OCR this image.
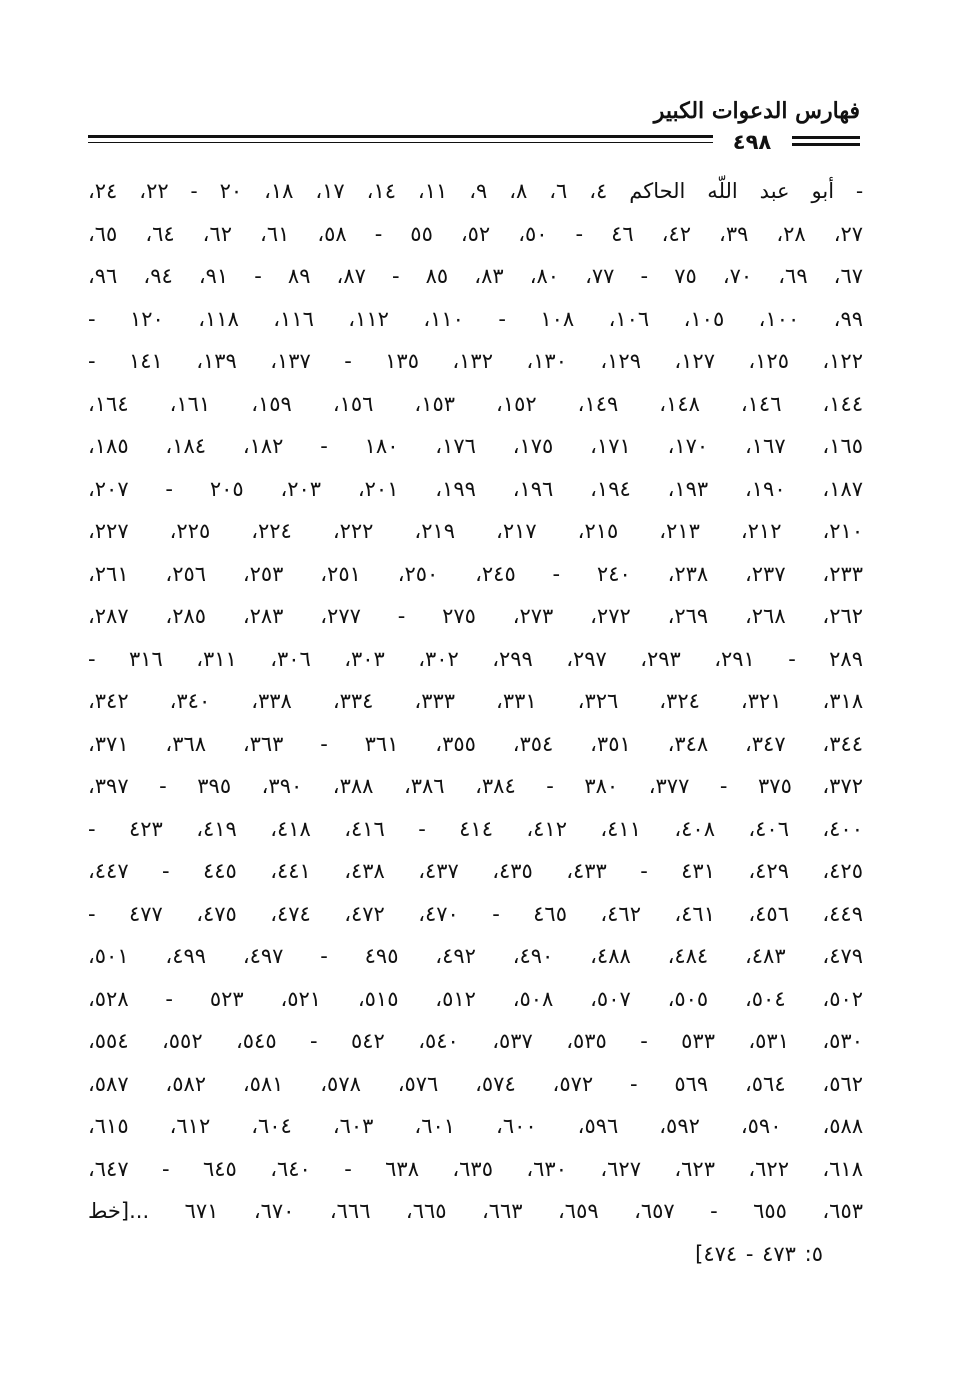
فهارس الدعوات الكبير
٤٩٨
- أبو عبد اللّه الحاكم ٤، ٦، ٨، ٩، ١١، ١٤، ١٧، ١٨، ٢٠ - ٢٢، ٢٤،
٢٧، ٢٨، ٣٩، ٤٢، ٤٦ - ٥٠، ٥٢، ٥٥ - ٥٨، ٦١، ٦٢، ٦٤، ٦٥،
٦٧، ٦٩، ٧٠، ٧٥ - ٧٧، ٨٠، ٨٣، ٨٥ - ٨٧، ٨٩ - ٩١، ٩٤، ٩٦،
٩٩، ١٠٠، ١٠٥، ١٠٦، ١٠٨ - ١١٠، ١١٢، ١١٦، ١١٨، ١٢٠ -
١٢٢، ١٢٥، ١٢٧، ١٢٩، ١٣٠، ١٣٢، ١٣٥ - ١٣٧، ١٣٩، ١٤١ -
١٤٤، ١٤٦، ١٤٨، ١٤٩، ١٥٢، ١٥٣، ١٥٦، ١٥٩، ١٦١، ١٦٤،
١٦٥، ١٦٧، ١٧٠، ١٧١، ١٧٥، ١٧٦، ١٨٠ - ١٨٢، ١٨٤، ١٨٥،
١٨٧، ١٩٠، ١٩٣، ١٩٤، ١٩٦، ١٩٩، ٢٠١، ٢٠٣، ٢٠٥ - ٢٠٧،
٢١٠، ٢١٢، ٢١٣، ٢١٥، ٢١٧، ٢١٩، ٢٢٢، ٢٢٤، ٢٢٥، ٢٢٧،
٢٣٣، ٢٣٧، ٢٣٨، ٢٤٠ - ٢٤٥، ٢٥٠، ٢٥١، ٢٥٣، ٢٥٦، ٢٦١،
٢٦٢، ٢٦٨، ٢٦٩، ٢٧٢، ٢٧٣، ٢٧٥ - ٢٧٧، ٢٨٣، ٢٨٥، ٢٨٧،
٢٨٩ - ٢٩١، ٢٩٣، ٢٩٧، ٢٩٩، ٣٠٢، ٣٠٣، ٣٠٦، ٣١١، ٣١٦ -
٣١٨، ٣٢١، ٣٢٤، ٣٢٦، ٣٣١، ٣٣٣، ٣٣٤، ٣٣٨، ٣٤٠، ٣٤٢،
٣٤٤، ٣٤٧، ٣٤٨، ٣٥١، ٣٥٤، ٣٥٥، ٣٦١ - ٣٦٣، ٣٦٨، ٣٧١،
٣٧٢، ٣٧٥ - ٣٧٧، ٣٨٠ - ٣٨٤، ٣٨٦، ٣٨٨، ٣٩٠، ٣٩٥ - ٣٩٧،
٤٠٠، ٤٠٦، ٤٠٨، ٤١١، ٤١٢، ٤١٤ - ٤١٦، ٤١٨، ٤١٩، ٤٢٣ -
٤٢٥، ٤٢٩، ٤٣١ - ٤٣٣، ٤٣٥، ٤٣٧، ٤٣٨، ٤٤١، ٤٤٥ - ٤٤٧،
٤٤٩، ٤٥٦، ٤٦١، ٤٦٢، ٤٦٥ - ٤٧٠، ٤٧٢، ٤٧٤، ٤٧٥، ٤٧٧ -
٤٧٩، ٤٨٣، ٤٨٤، ٤٨٨، ٤٩٠، ٤٩٢، ٤٩٥ - ٤٩٧، ٤٩٩، ٥٠١،
٥٠٢، ٥٠٤، ٥٠٥، ٥٠٧، ٥٠٨، ٥١٢، ٥١٥، ٥٢١، ٥٢٣ - ٥٢٨،
٥٣٠، ٥٣١، ٥٣٣ - ٥٣٥، ٥٣٧، ٥٤٠، ٥٤٢ - ٥٤٥، ٥٥٢، ٥٥٤،
٥٦٢، ٥٦٤، ٥٦٩ - ٥٧٢، ٥٧٤، ٥٧٦، ٥٧٨، ٥٨١، ٥٨٢، ٥٨٧،
٥٨٨، ٥٩٠، ٥٩٢، ٥٩٦، ٦٠٠، ٦٠١، ٦٠٣، ٦٠٤، ٦١٢، ٦١٥،
٦١٨، ٦٢٢، ٦٢٣، ٦٢٧، ٦٣٠، ٦٣٥، ٦٣٨ - ٦٤٠، ٦٤٥ - ٦٤٧،
٦٥٣، ٦٥٥ - ٦٥٧، ٦٥٩، ٦٦٣، ٦٦٥، ٦٦٦، ٦٧٠، ٦٧١ ...[خط
٥: ٤٧٣ - ٤٧٤]
